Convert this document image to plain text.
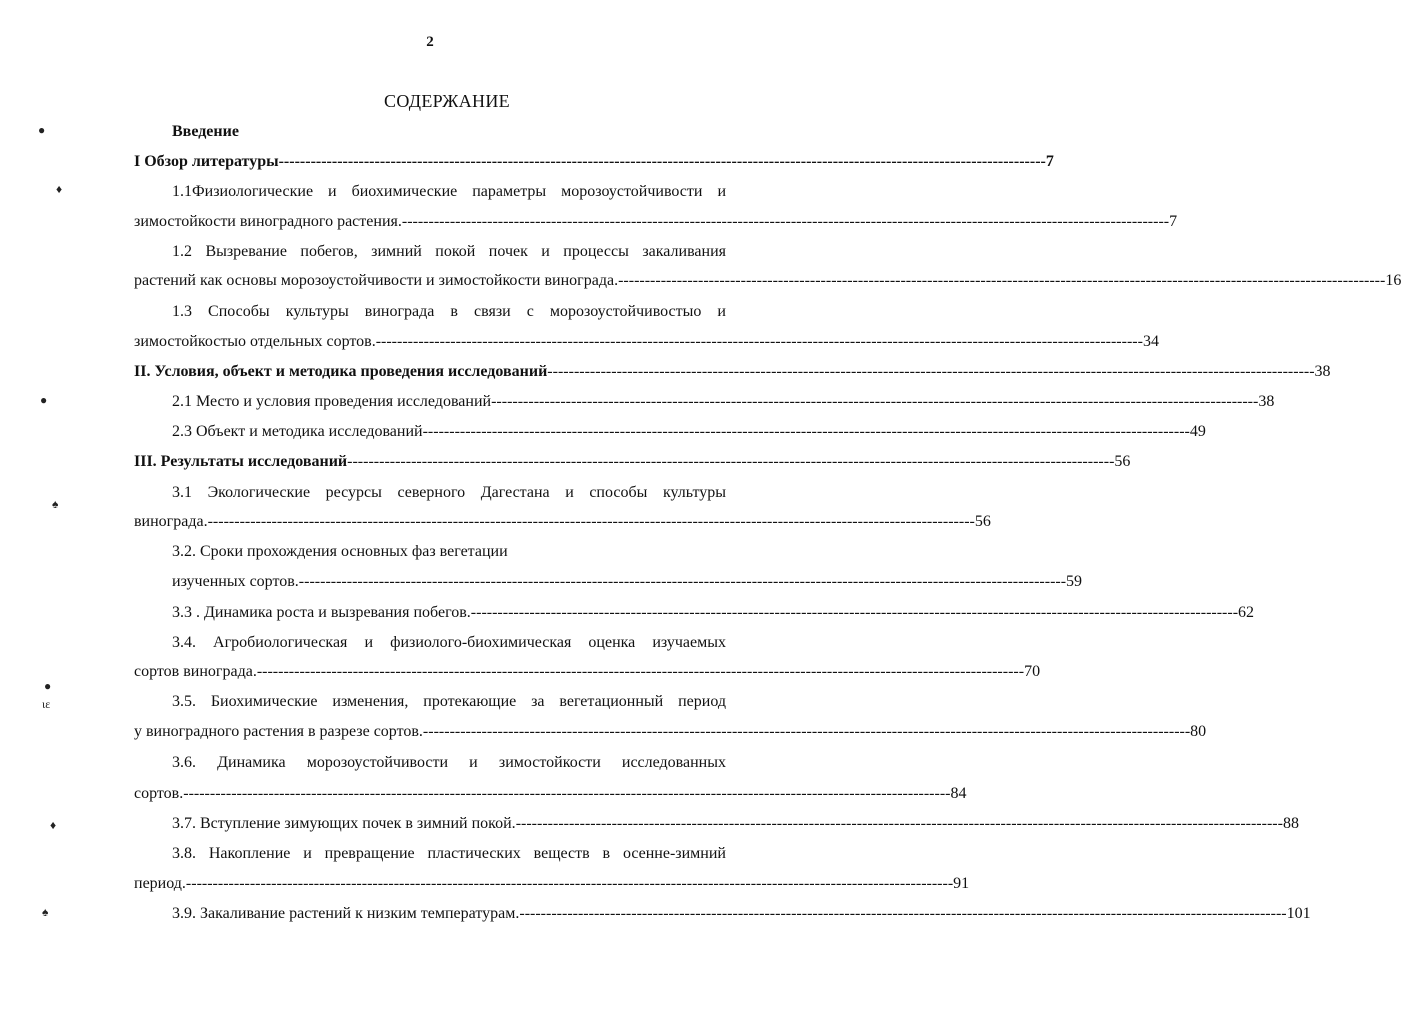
2
СОДЕРЖАНИЕ
●
♦
●
♠
●
ιε
♦
♠
Введение
I Обзор литературы ------------------------------------------------------------------------------------------------------------------------------------------------ 7
1.1Физиологические и биохимические параметры морозоустойчивости и
зимостойкости виноградного растения. ------------------------------------------------------------------------------------------------------------------------------------------------ 7
1.2 Вызревание побегов, зимний покой почек и процессы закаливания
растений как основы морозоустойчивости и зимостойкости винограда. ------------------------------------------------------------------------------------------------------------------------------------------------ 16
1.3 Способы культуры винограда в связи с морозоустойчивостыо и
зимостойкостыо отдельных сортов. ------------------------------------------------------------------------------------------------------------------------------------------------ 34
II. Условия, объект и методика проведения исследований ------------------------------------------------------------------------------------------------------------------------------------------------ 38
2.1 Место и условия проведения исследований ------------------------------------------------------------------------------------------------------------------------------------------------ 38
2.3 Объект и методика исследований ------------------------------------------------------------------------------------------------------------------------------------------------ 49
III. Результаты исследований ------------------------------------------------------------------------------------------------------------------------------------------------ 56
3.1 Экологические ресурсы северного Дагестана и способы культуры
винограда. ------------------------------------------------------------------------------------------------------------------------------------------------ 56
3.2. Сроки прохождения основных фаз вегетации
изученных сортов. ------------------------------------------------------------------------------------------------------------------------------------------------ 59
3.3 . Динамика роста и вызревания побегов. ------------------------------------------------------------------------------------------------------------------------------------------------ 62
3.4. Агробиологическая и физиолого-биохимическая оценка изучаемых
сортов винограда. ------------------------------------------------------------------------------------------------------------------------------------------------ 70
3.5. Биохимические изменения, протекающие за вегетационный период
у виноградного растения в разрезе сортов. ------------------------------------------------------------------------------------------------------------------------------------------------ 80
3.6. Динамика морозоустойчивости и зимостойкости исследованных
сортов. ------------------------------------------------------------------------------------------------------------------------------------------------ 84
3.7. Вступление зимующих почек в зимний покой. ------------------------------------------------------------------------------------------------------------------------------------------------ 88
3.8. Накопление и превращение пластических веществ в осенне-зимний
период. ------------------------------------------------------------------------------------------------------------------------------------------------ 91
3.9. Закаливание растений к низким температурам. ------------------------------------------------------------------------------------------------------------------------------------------------ 101
